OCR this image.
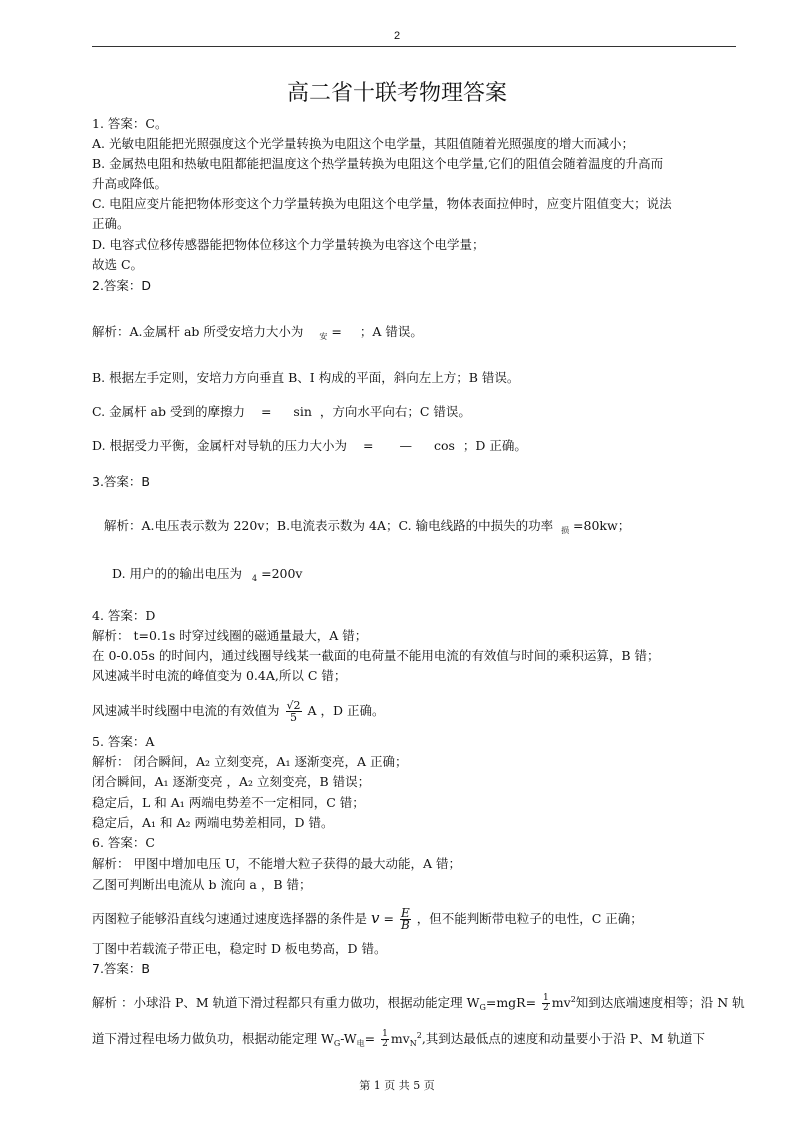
2
高二省十联考物理答案
1. 答案：C。
A. 光敏电阻能把光照强度这个光学量转换为电阻这个电学量，其阻值随着光照强度的增大而减小；
B. 金属热电阻和热敏电阻都能把温度这个热学量转换为电阻这个电学量,它们的阻值会随着温度的升高而
升高或降低。
C. 电阻应变片能把物体形变这个力学量转换为电阻这个电学量，物体表面拉伸时，应变片阻值变大；说法
正确。
D. 电容式位移传感器能把物体位移这个力学量转换为电容这个电学量；
故选 C。
2.答案：D
解析：A.金属杆 ab 所受安培力大小为 $_安$ = ；A 错误。
B. 根据左手定则，安培力方向垂直 B、I 构成的平面，斜向左上方；B 错误。
C. 金属杆 ab 受到的摩擦力 = sin ，方向水平向右；C 错误。
D. 根据受力平衡，金属杆对导轨的压力大小为 = — cos ；D 正确。
3.答案：B
解析：A.电压表示数为 220v；B.电流表示数为 4A；C. 输电线路的中损失的功率 $_损$ =80kw；
D. 用户的的输出电压为 $_4$ =200v
4. 答案：D
解析： t=0.1s 时穿过线圈的磁通量最大，A 错；
在 0-0.05s 的时间内，通过线圈导线某一截面的电荷量不能用电流的有效值与时间的乘积运算，B 错；
风速减半时电流的峰值变为 0.4A,所以 C 错；
风速减半时线圈中电流的有效值为 $\frac{√2}{5}$ A ，D 正确。
5. 答案：A
解析： 闭合瞬间，A₂ 立刻变亮，A₁ 逐渐变亮，A 正确；
闭合瞬间，A₁ 逐渐变亮 ，A₂ 立刻变亮，B 错误；
稳定后，L 和 A₁ 两端电势差不一定相同，C 错；
稳定后，A₁ 和 A₂ 两端电势差相同，D 错。
6. 答案：C
解析： 甲图中增加电压 U，不能增大粒子获得的最大动能，A 错；
乙图可判断出电流从 b 流向 a ，B 错；
丙图粒子能够沿直线匀速通过速度选择器的条件是 $v = \frac{E}{B}$ ，但不能判断带电粒子的电性，C 正确；
丁图中若载流子带正电，稳定时 D 板电势高，D 错。
7.答案：B
解析 ：小球沿 P、M 轨道下滑过程都只有重力做功，根据动能定理 $W_G=mgR= \frac{1}{2} mv^2$知到达底端速度相等；沿 N 轨
道下滑过程电场力做负功，根据动能定理 $W_G-W_电= \frac{1}{2} mv_N^2$,其到达最低点的速度和动量要小于沿 P、M 轨道下
第 1 页 共 5 页
